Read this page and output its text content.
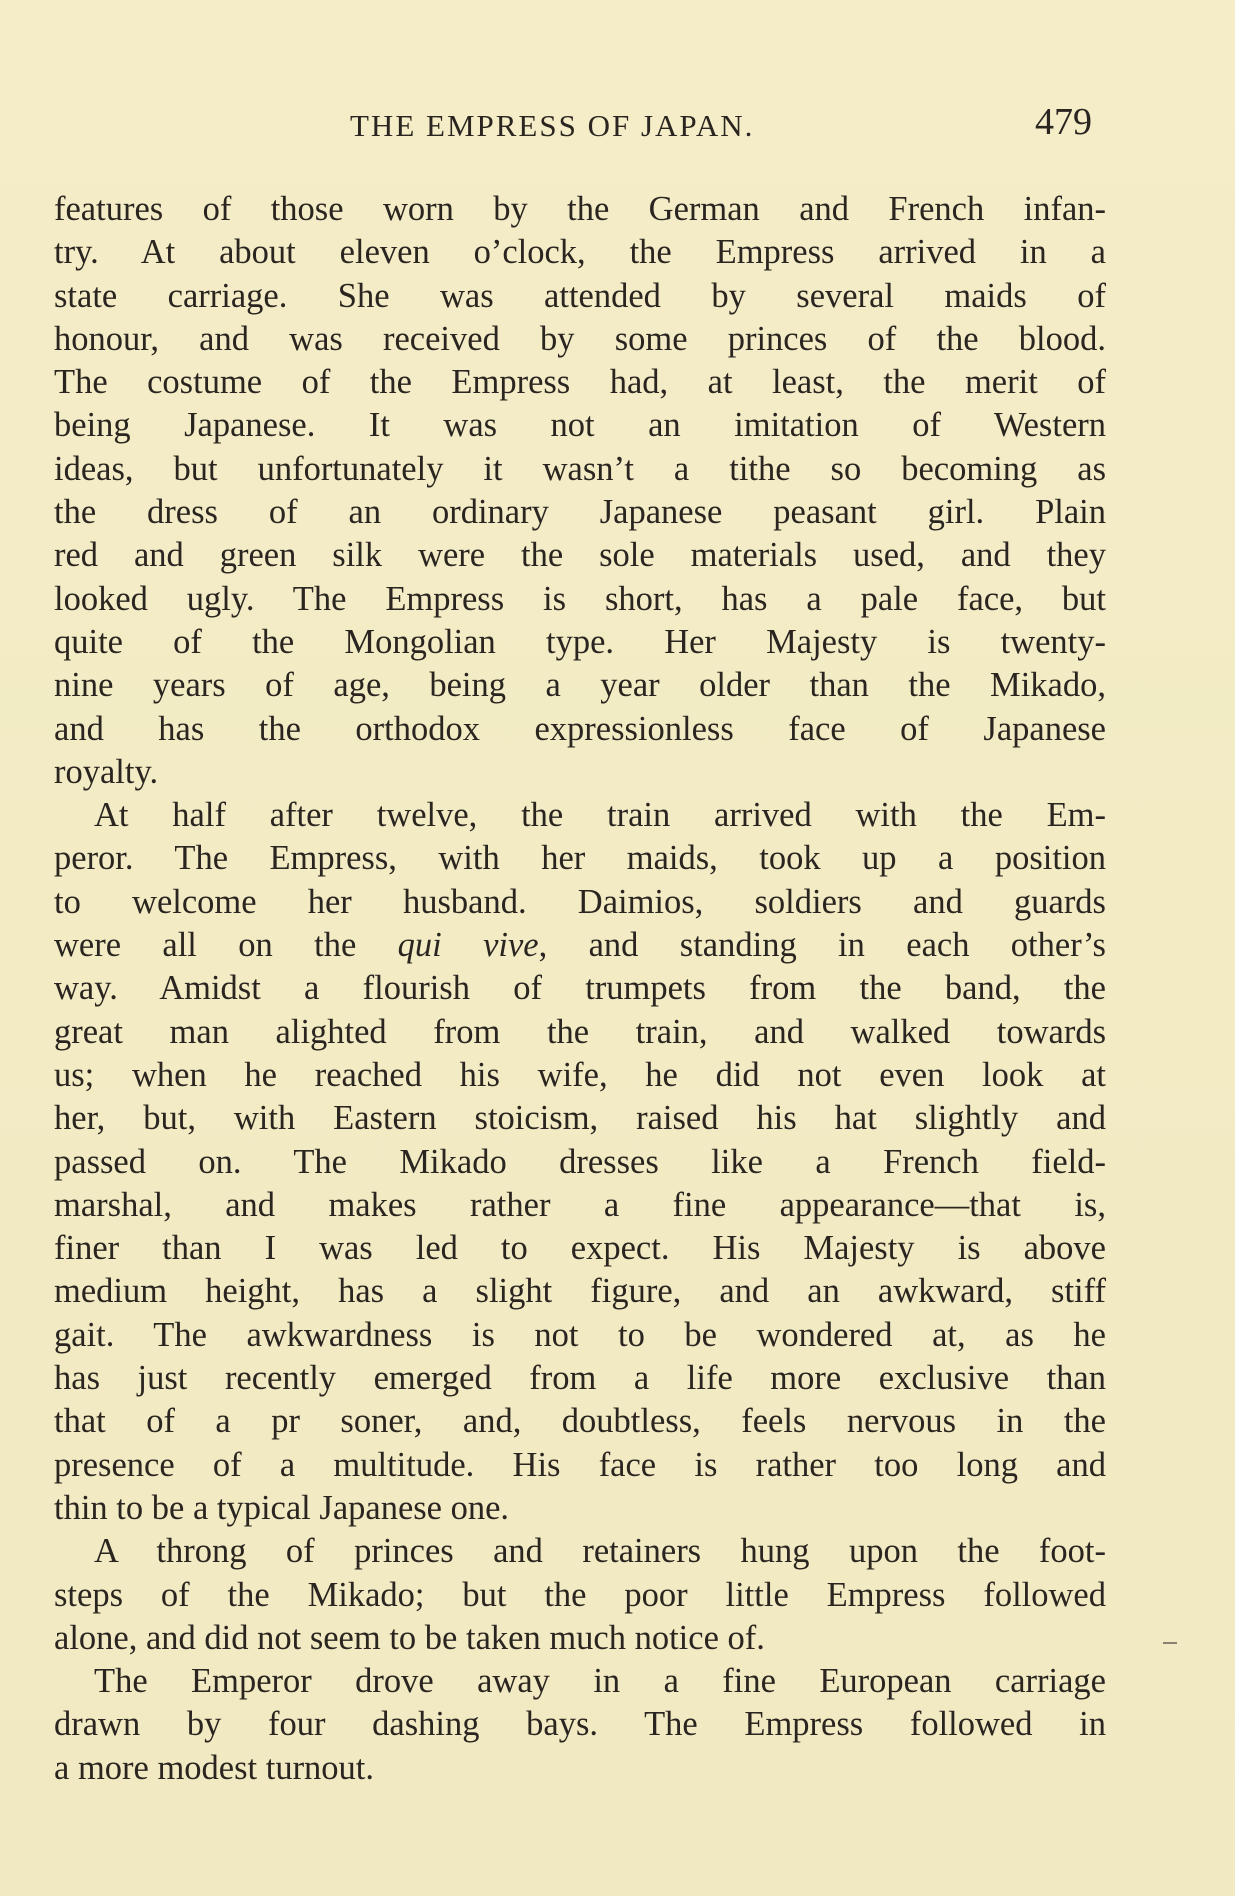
THE EMPRESS OF JAPAN.	479
features of those worn by the German and French infan-
try. At about eleven o’clock, the Empress arrived in a
state carriage. She was attended by several maids of
honour, and was received by some princes of the blood.
The costume of the Empress had, at least, the merit of
being Japanese. It was not an imitation of Western
ideas, but unfortunately it wasn’t a tithe so becoming as
the dress of an ordinary Japanese peasant girl. Plain
red and green silk were the sole materials used, and they
looked ugly. The Empress is short, has a pale face, but
quite of the Mongolian type. Her Majesty is twenty-
nine years of age, being a year older than the Mikado,
and has the orthodox expressionless face of Japanese
royalty.
At half after twelve, the train arrived with the Em-
peror. The Empress, with her maids, took up a position
to welcome her husband. Daimios, soldiers and guards
were all on the qui vive, and standing in each other’s
way. Amidst a flourish of trumpets from the band, the
great man alighted from the train, and walked towards
us; when he reached his wife, he did not even look at
her, but, with Eastern stoicism, raised his hat slightly and
passed on. The Mikado dresses like a French field-
marshal, and makes rather a fine appearance—that is,
finer than I was led to expect. His Majesty is above
medium height, has a slight figure, and an awkward, stiff
gait. The awkwardness is not to be wondered at, as he
has just recently emerged from a life more exclusive than
that of a pr soner, and, doubtless, feels nervous in the
presence of a multitude. His face is rather too long and
thin to be a typical Japanese one.
A throng of princes and retainers hung upon the foot-
steps of the Mikado; but the poor little Empress followed
alone, and did not seem to be taken much notice of.
The Emperor drove away in a fine European carriage
drawn by four dashing bays. The Empress followed in
a more modest turnout.
